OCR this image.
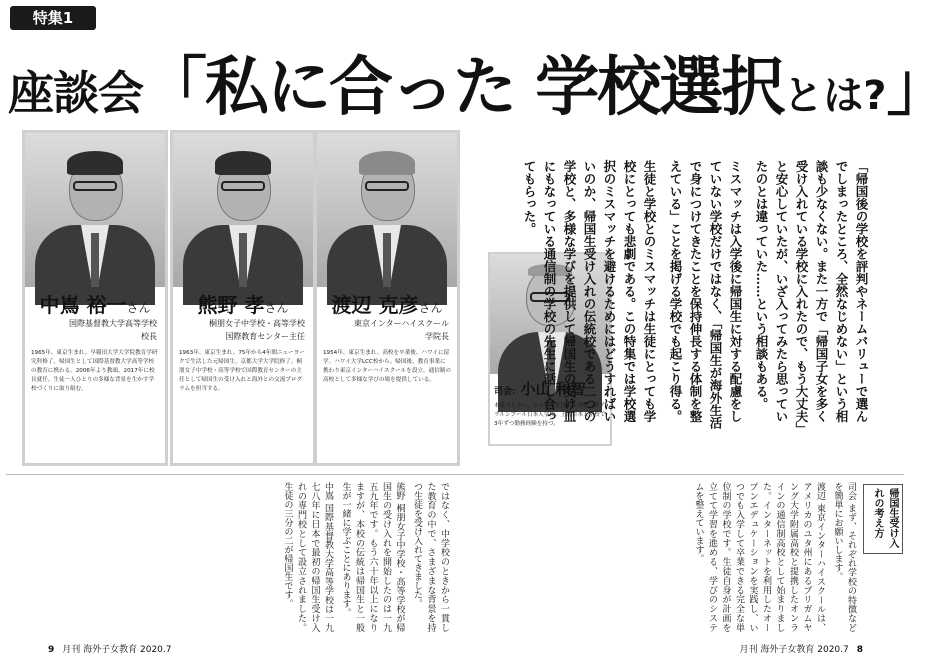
特集1
座談会「私に合った 学校選択とは?」
中嶌 裕一さん
国際基督教大学高等学校
校長
1965年、東京生まれ。早稲田大学大学院教育学研究科修了。帰国生として国際基督教大学高等学校の教育に携わる。2006年より教頭、2017年に校長就任。生徒一人ひとりの多様な背景を生かす学校づくりに取り組む。
熊野 孝さん
桐朋女子中学校・高等学校
国際教育センター主任
1963年、東京生まれ。75年から4年間ニューヨークで生活した元帰国生。京都大学大学院修了。桐朋女子中学校・高等学校で国際教育センターの主任として帰国生の受け入れと海外との交流プログラムを担当する。
渡辺 克彦さん
東京インターハイスクール
学院長
1954年、東京生まれ。高校を卒業後、ハワイに留学。ハワイ大学LCC校から。帰国後、教育事業に携わり東京インターハイスクールを設立。通信制の高校として多様な学びの場を提供している。
司会: 小山 和智
本誌ライター。ジャカルタ日本人学校、クアラルンプール日本人学校、上海日本人学校で3年ずつ勤務経験を持つ。

「帰国後の学校を評判やネームバリューで選んでしまったところ、全然なじめない」という相談も少なくない。また一方で「帰国子女を多く受け入れている学校に入れたので、もう大丈夫」と安心していたが、いざ入ってみたら思っていたのとは違っていた……という相談もある。

ミスマッチは入学後に帰国生に対する配慮をしていない学校だけではなく、「帰国生が海外生活で身につけてきたことを保持伸長する体制を整えている」ことを掲げる学校でも起こり得る。

生徒と学校とのミスマッチは生徒にとっても学校にとっても悲劇である。この特集では学校選択のミスマッチを避けるためにはどうすればいいのか、帰国生受け入れの伝統校である二つの学校と、多様な学びを提供して帰国生の受け皿にもなっている通信制の学校の先生に話し合ってもらった。

帰国生受け入れの考え方

司会 まず、それぞれ学校の特徴などを簡単にお願いします。

渡辺 東京インターハイスクールは、アメリカのユタ州にあるブリガムヤング大学附属高校と提携したオンラインの通信制高校として始まりました。インターネットを利用したオープンエデュケーションを実践し、いつでも入学して卒業できる完全な単位制の学校です。生徒自身が計画を立てて学習を進める、学びのシステムを整えています。

ではなく、中学校のときから一貫した教育の中で、さまざまな背景を持つ生徒を受け入れてきました。

熊野 桐朋女子中学校・高等学校が帰国生の受け入れを開始したのは一九五九年です。もう六十年以上になりますが、本校の伝統は帰国生と一般生が一緒に学ぶことにあります。

中嶌 国際基督教大学高等学校は一九七八年に日本で最初の帰国生受け入れの専門校として設立されました。生徒の三分の二が帰国生です。

9 月刊 海外子女教育 2020.7	月刊 海外子女教育 2020.7 8
